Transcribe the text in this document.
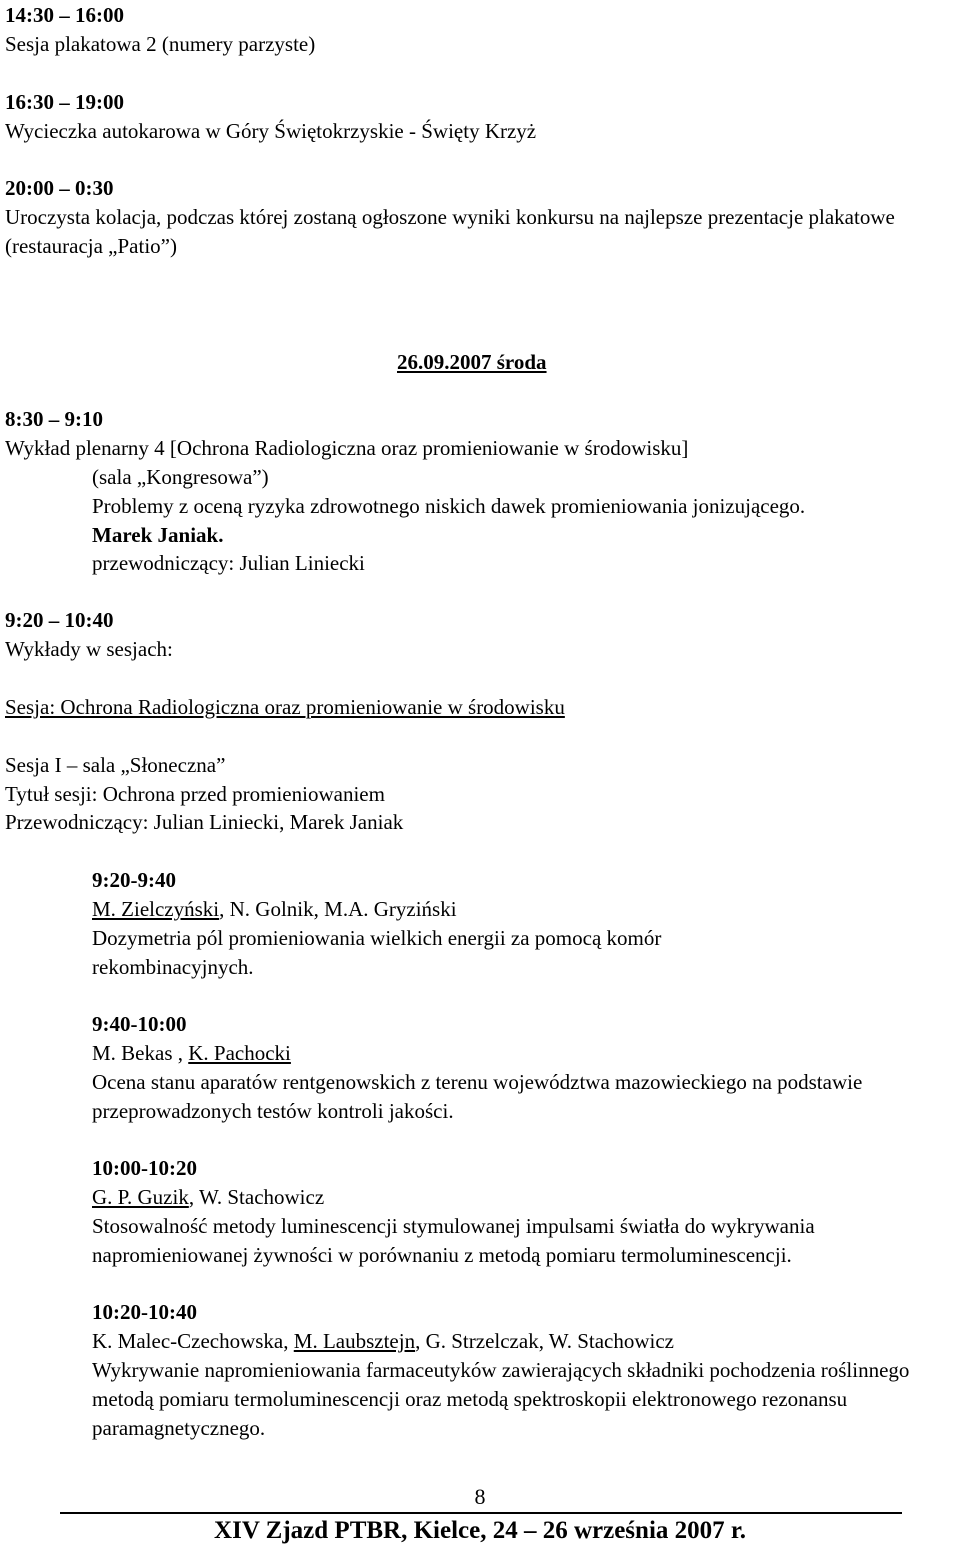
14:30 – 16:00
Sesja plakatowa 2 (numery parzyste)
16:30 – 19:00
Wycieczka autokarowa w Góry Świętokrzyskie - Święty Krzyż
20:00 – 0:30
Uroczysta kolacja, podczas której zostaną ogłoszone wyniki konkursu na najlepsze prezentacje plakatowe (restauracja „Patio”)
26.09.2007 środa
8:30 – 9:10
Wykład plenarny 4 [Ochrona Radiologiczna oraz promieniowanie w środowisku]
(sala „Kongresowa”)
Problemy z oceną ryzyka zdrowotnego niskich dawek promieniowania jonizującego.
Marek Janiak.
przewodniczący: Julian Liniecki
9:20 – 10:40
Wykłady w sesjach:
Sesja: Ochrona Radiologiczna oraz promieniowanie w środowisku
Sesja I – sala „Słoneczna”
Tytuł sesji: Ochrona przed promieniowaniem
Przewodniczący: Julian Liniecki, Marek Janiak
9:20-9:40
M. Zielczyński, N. Golnik, M.A. Gryziński
Dozymetria pól promieniowania wielkich energii za pomocą komór rekombinacyjnych.
9:40-10:00
M. Bekas , K. Pachocki
Ocena stanu aparatów rentgenowskich z terenu województwa mazowieckiego na podstawie przeprowadzonych testów kontroli jakości.
10:00-10:20
G. P. Guzik, W. Stachowicz
Stosowalność metody luminescencji stymulowanej impulsami światła do wykrywania napromieniowanej żywności w porównaniu z metodą pomiaru termoluminescencji.
10:20-10:40
K. Malec-Czechowska, M. Laubsztejn, G. Strzelczak, W. Stachowicz
Wykrywanie napromieniowania farmaceutyków zawierających składniki pochodzenia roślinnego metodą pomiaru termoluminescencji oraz metodą spektroskopii elektronowego rezonansu paramagnetycznego.
8
XIV Zjazd PTBR, Kielce, 24 – 26 września 2007 r.
